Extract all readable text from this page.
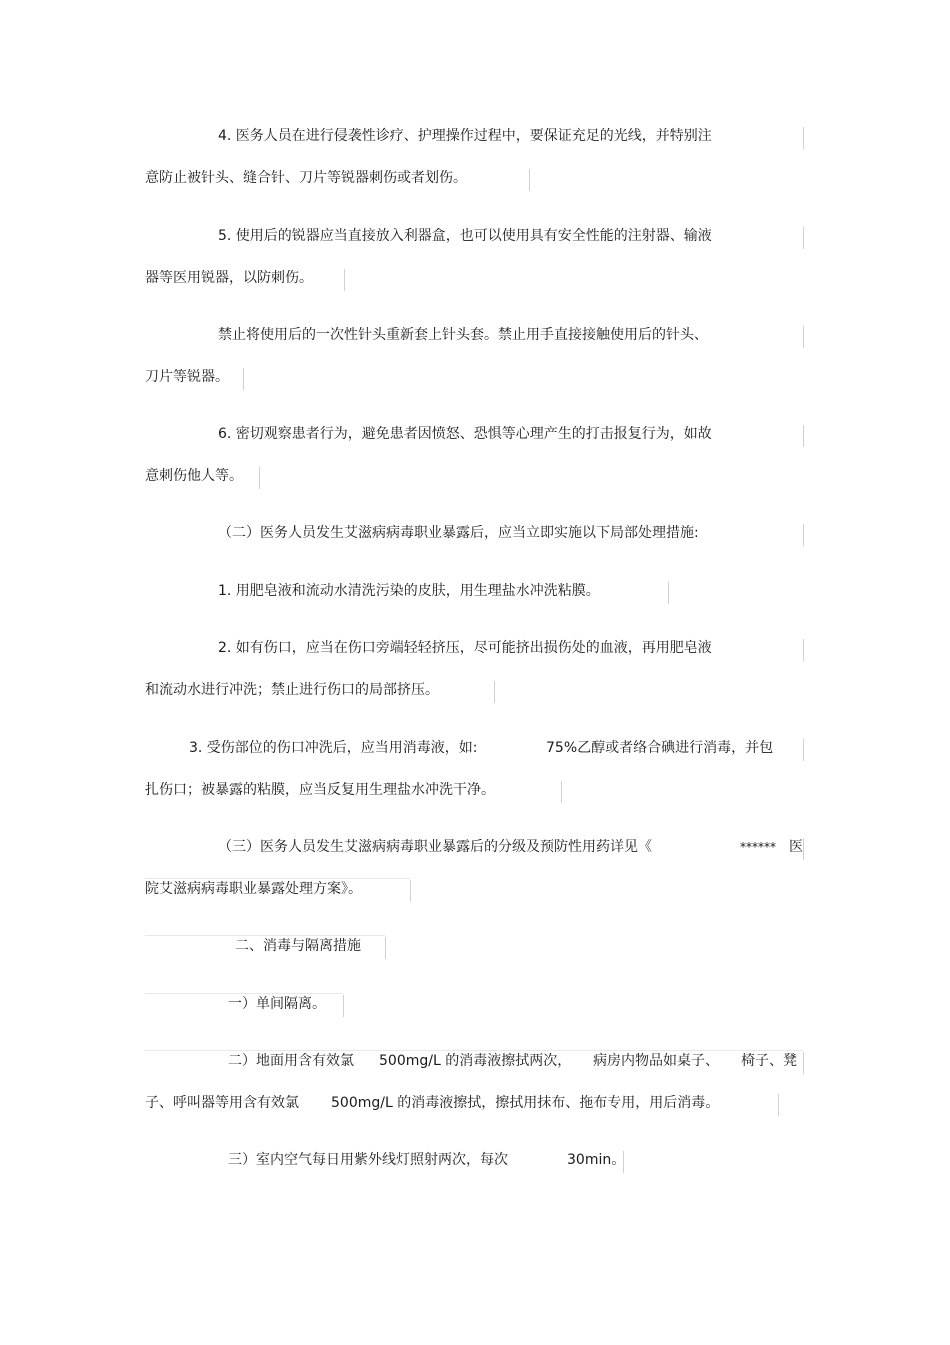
4. 医务人员在进行侵袭性诊疗、护理操作过程中，要保证充足的光线，并特别注
意防止被针头、缝合针、刀片等锐器刺伤或者划伤。
5. 使用后的锐器应当直接放入利器盒，也可以使用具有安全性能的注射器、输液
器等医用锐器，以防刺伤。
禁止将使用后的一次性针头重新套上针头套。禁止用手直接接触使用后的针头、
刀片等锐器。
6. 密切观察患者行为，避免患者因愤怒、恐惧等心理产生的打击报复行为，如故
意刺伤他人等。
（二）医务人员发生艾滋病病毒职业暴露后，应当立即实施以下局部处理措施:
1. 用肥皂液和流动水清洗污染的皮肤，用生理盐水冲洗粘膜。
2. 如有伤口，应当在伤口旁端轻轻挤压，尽可能挤出损伤处的血液，再用肥皂液
和流动水进行冲洗；禁止进行伤口的局部挤压。
3. 受伤部位的伤口冲洗后，应当用消毒液，如:	75%乙醇或者络合碘进行消毒，并包
扎伤口；被暴露的粘膜，应当反复用生理盐水冲洗干净。
（三）医务人员发生艾滋病病毒职业暴露后的分级及预防性用药详见《	****** 医
院艾滋病病毒职业暴露处理方案》。
二、消毒与隔离措施
一）单间隔离。
二）地面用含有效氯 500mg/L 的消毒液擦拭两次， 病房内物品如桌子、 椅子、凳
子、呼叫器等用含有效氯 500mg/L 的消毒液擦拭，擦拭用抹布、拖布专用，用后消毒。
三）室内空气每日用紫外线灯照射两次，每次	30min。
